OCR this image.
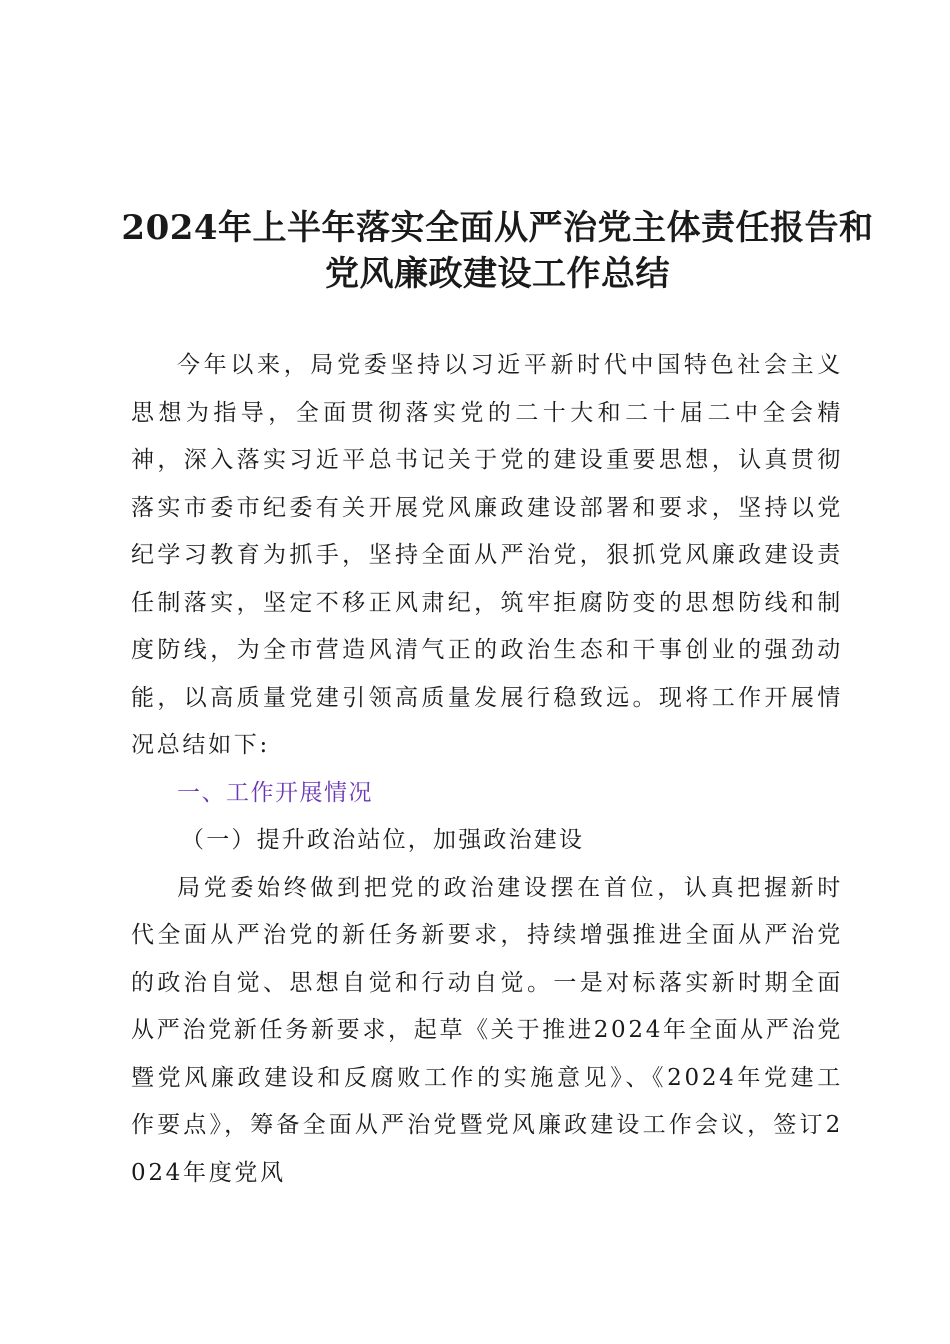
2024年上半年落实全面从严治党主体责任报告和
党风廉政建设工作总结

今年以来，局党委坚持以习近平新时代中国特色社会主义思想为指导，全面贯彻落实党的二十大和二十届二中全会精神，深入落实习近平总书记关于党的建设重要思想，认真贯彻落实市委市纪委有关开展党风廉政建设部署和要求，坚持以党纪学习教育为抓手，坚持全面从严治党，狠抓党风廉政建设责任制落实，坚定不移正风肃纪，筑牢拒腐防变的思想防线和制度防线，为全市营造风清气正的政治生态和干事创业的强劲动能，以高质量党建引领高质量发展行稳致远。现将工作开展情况总结如下:

一、工作开展情况

（一）提升政治站位，加强政治建设

局党委始终做到把党的政治建设摆在首位，认真把握新时代全面从严治党的新任务新要求，持续增强推进全面从严治党的政治自觉、思想自觉和行动自觉。一是对标落实新时期全面从严治党新任务新要求，起草《关于推进2024年全面从严治党暨党风廉政建设和反腐败工作的实施意见》、《2024年党建工作要点》，筹备全面从严治党暨党风廉政建设工作会议，签订2024年度党风
